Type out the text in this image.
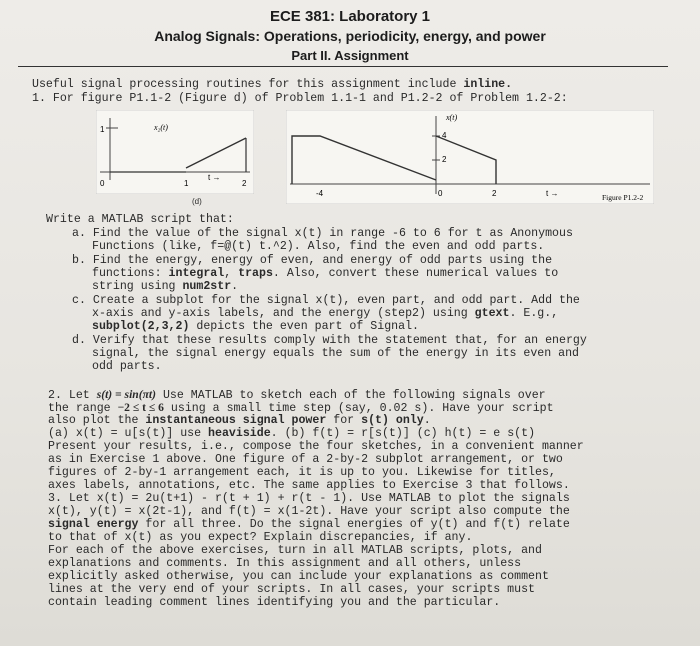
ECE 381: Laboratory 1
Analog Signals: Operations, periodicity, energy, and power
Part II. Assignment
Useful signal processing routines for this assignment include inline.
1. For figure P1.1-2 (Figure d) of Problem 1.1-1 and P1.2-2 of Problem 1.2-2:
1	x₂(t)
0	1	2
t →
(d)
4
2
x(t)
-4	0	2	t →	Figure P1.2-2
Write a MATLAB script that:
a. Find the value of the signal x(t) in range -6 to 6 for t as Anonymous
Functions (like, f=@(t) t.^2). Also, find the even and odd parts.
b. Find the energy, energy of even, and energy of odd parts using the
functions: integral, traps. Also, convert these numerical values to
string using num2str.
c. Create a subplot for the signal x(t), even part, and odd part. Add the
x-axis and y-axis labels, and the energy (step2) using gtext. E.g.,
subplot(2,3,2) depicts the even part of Signal.
d. Verify that these results comply with the statement that, for an energy
signal, the signal energy equals the sum of the energy in its even and
odd parts.
2. Let s(t) = sin(πt) Use MATLAB to sketch each of the following signals over
the range −2 ≤ t ≤ 6 using a small time step (say, 0.02 s). Have your script
also plot the instantaneous signal power for s(t) only.
(a) x(t) = u[s(t)] use heaviside. (b) f(t) = r[s(t)] (c) h(t) = e s(t)
Present your results, i.e., compose the four sketches, in a convenient manner
as in Exercise 1 above. One figure of a 2-by-2 subplot arrangement, or two
figures of 2-by-1 arrangement each, it is up to you. Likewise for titles,
axes labels, annotations, etc. The same applies to Exercise 3 that follows.
3. Let x(t) = 2u(t+1) - r(t + 1) + r(t - 1). Use MATLAB to plot the signals
x(t), y(t) = x(2t-1), and f(t) = x(1-2t). Have your script also compute the
signal energy for all three. Do the signal energies of y(t) and f(t) relate
to that of x(t) as you expect? Explain discrepancies, if any.
For each of the above exercises, turn in all MATLAB scripts, plots, and
explanations and comments. In this assignment and all others, unless
explicitly asked otherwise, you can include your explanations as comment
lines at the very end of your scripts. In all cases, your scripts must
contain leading comment lines identifying you and the particular.
